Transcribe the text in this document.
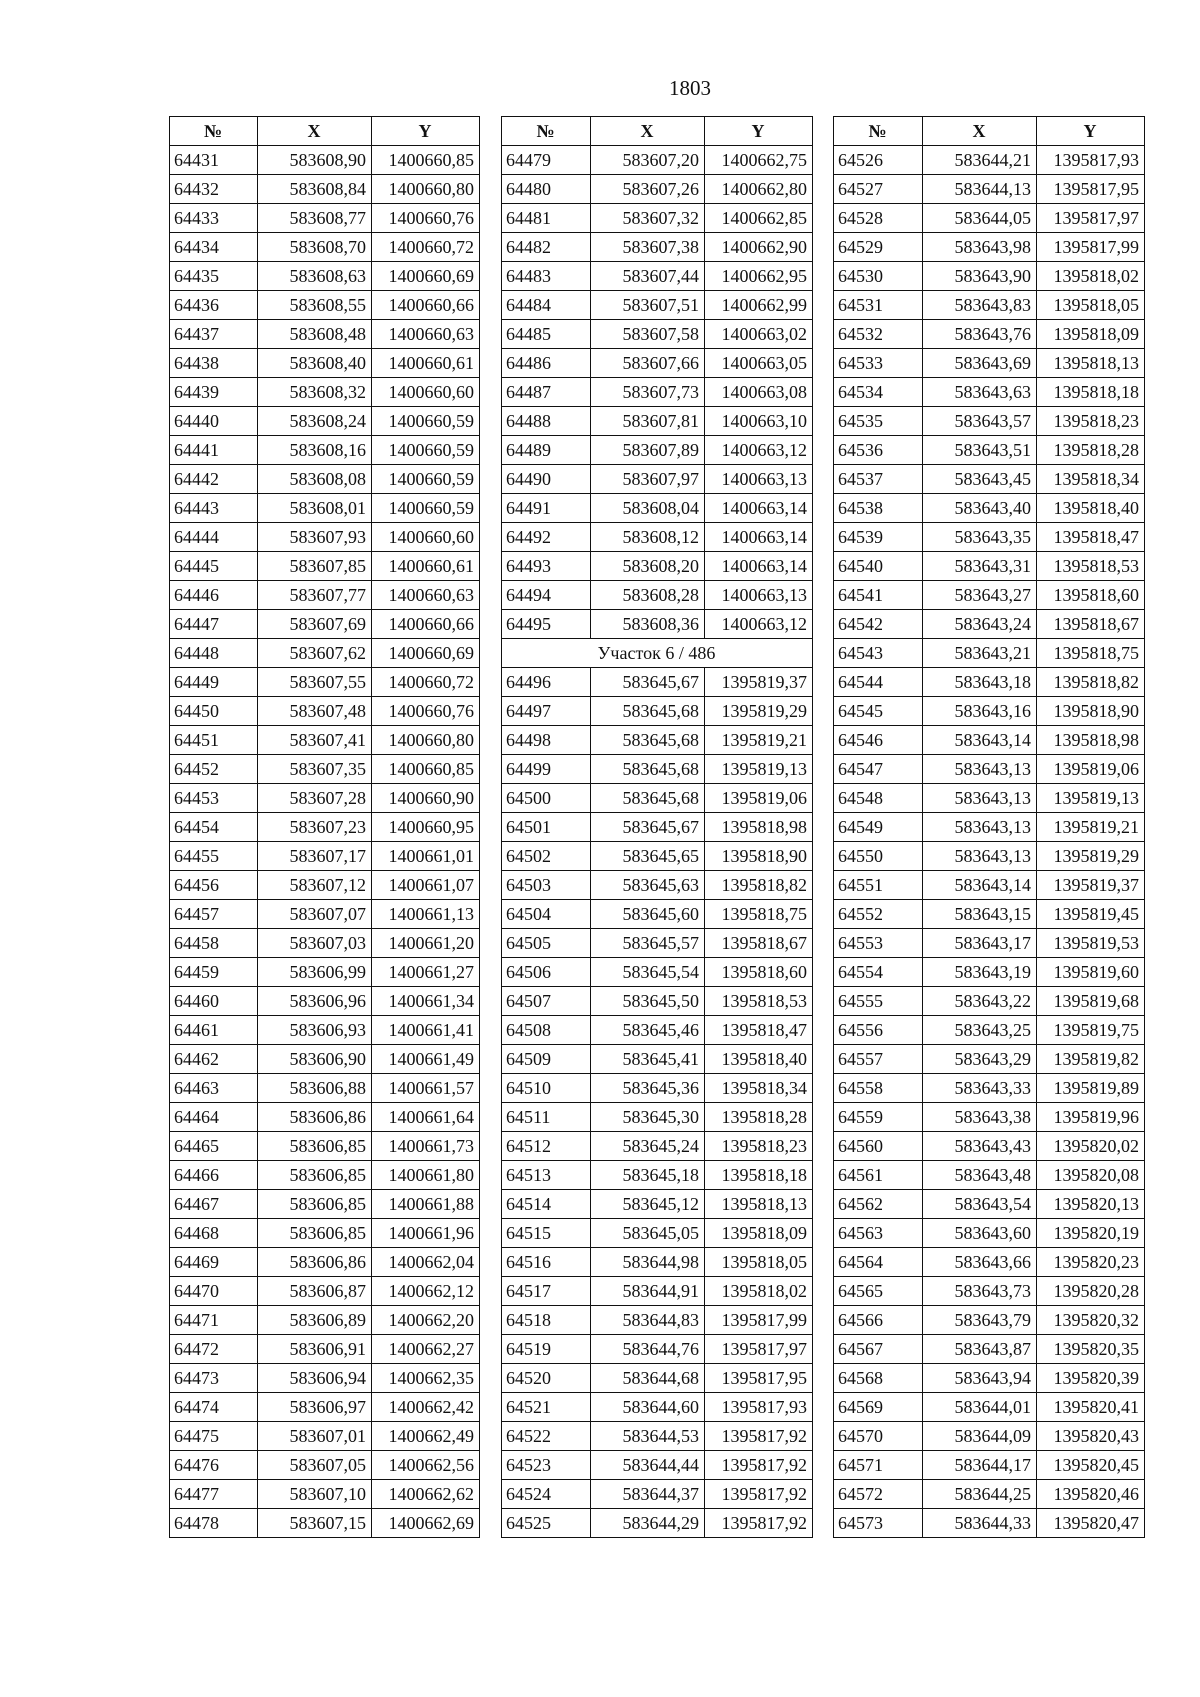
1803
№	X	Y
64431	583608,90	1400660,85
64432	583608,84	1400660,80
64433	583608,77	1400660,76
64434	583608,70	1400660,72
64435	583608,63	1400660,69
64436	583608,55	1400660,66
64437	583608,48	1400660,63
64438	583608,40	1400660,61
64439	583608,32	1400660,60
64440	583608,24	1400660,59
64441	583608,16	1400660,59
64442	583608,08	1400660,59
64443	583608,01	1400660,59
64444	583607,93	1400660,60
64445	583607,85	1400660,61
64446	583607,77	1400660,63
64447	583607,69	1400660,66
64448	583607,62	1400660,69
64449	583607,55	1400660,72
64450	583607,48	1400660,76
64451	583607,41	1400660,80
64452	583607,35	1400660,85
64453	583607,28	1400660,90
64454	583607,23	1400660,95
64455	583607,17	1400661,01
64456	583607,12	1400661,07
64457	583607,07	1400661,13
64458	583607,03	1400661,20
64459	583606,99	1400661,27
64460	583606,96	1400661,34
64461	583606,93	1400661,41
64462	583606,90	1400661,49
64463	583606,88	1400661,57
64464	583606,86	1400661,64
64465	583606,85	1400661,73
64466	583606,85	1400661,80
64467	583606,85	1400661,88
64468	583606,85	1400661,96
64469	583606,86	1400662,04
64470	583606,87	1400662,12
64471	583606,89	1400662,20
64472	583606,91	1400662,27
64473	583606,94	1400662,35
64474	583606,97	1400662,42
64475	583607,01	1400662,49
64476	583607,05	1400662,56
64477	583607,10	1400662,62
64478	583607,15	1400662,69
№	X	Y
64479	583607,20	1400662,75
64480	583607,26	1400662,80
64481	583607,32	1400662,85
64482	583607,38	1400662,90
64483	583607,44	1400662,95
64484	583607,51	1400662,99
64485	583607,58	1400663,02
64486	583607,66	1400663,05
64487	583607,73	1400663,08
64488	583607,81	1400663,10
64489	583607,89	1400663,12
64490	583607,97	1400663,13
64491	583608,04	1400663,14
64492	583608,12	1400663,14
64493	583608,20	1400663,14
64494	583608,28	1400663,13
64495	583608,36	1400663,12
Участок 6 / 486		
64496	583645,67	1395819,37
64497	583645,68	1395819,29
64498	583645,68	1395819,21
64499	583645,68	1395819,13
64500	583645,68	1395819,06
64501	583645,67	1395818,98
64502	583645,65	1395818,90
64503	583645,63	1395818,82
64504	583645,60	1395818,75
64505	583645,57	1395818,67
64506	583645,54	1395818,60
64507	583645,50	1395818,53
64508	583645,46	1395818,47
64509	583645,41	1395818,40
64510	583645,36	1395818,34
64511	583645,30	1395818,28
64512	583645,24	1395818,23
64513	583645,18	1395818,18
64514	583645,12	1395818,13
64515	583645,05	1395818,09
64516	583644,98	1395818,05
64517	583644,91	1395818,02
64518	583644,83	1395817,99
64519	583644,76	1395817,97
64520	583644,68	1395817,95
64521	583644,60	1395817,93
64522	583644,53	1395817,92
64523	583644,44	1395817,92
64524	583644,37	1395817,92
64525	583644,29	1395817,92
№	X	Y
64526	583644,21	1395817,93
64527	583644,13	1395817,95
64528	583644,05	1395817,97
64529	583643,98	1395817,99
64530	583643,90	1395818,02
64531	583643,83	1395818,05
64532	583643,76	1395818,09
64533	583643,69	1395818,13
64534	583643,63	1395818,18
64535	583643,57	1395818,23
64536	583643,51	1395818,28
64537	583643,45	1395818,34
64538	583643,40	1395818,40
64539	583643,35	1395818,47
64540	583643,31	1395818,53
64541	583643,27	1395818,60
64542	583643,24	1395818,67
64543	583643,21	1395818,75
64544	583643,18	1395818,82
64545	583643,16	1395818,90
64546	583643,14	1395818,98
64547	583643,13	1395819,06
64548	583643,13	1395819,13
64549	583643,13	1395819,21
64550	583643,13	1395819,29
64551	583643,14	1395819,37
64552	583643,15	1395819,45
64553	583643,17	1395819,53
64554	583643,19	1395819,60
64555	583643,22	1395819,68
64556	583643,25	1395819,75
64557	583643,29	1395819,82
64558	583643,33	1395819,89
64559	583643,38	1395819,96
64560	583643,43	1395820,02
64561	583643,48	1395820,08
64562	583643,54	1395820,13
64563	583643,60	1395820,19
64564	583643,66	1395820,23
64565	583643,73	1395820,28
64566	583643,79	1395820,32
64567	583643,87	1395820,35
64568	583643,94	1395820,39
64569	583644,01	1395820,41
64570	583644,09	1395820,43
64571	583644,17	1395820,45
64572	583644,25	1395820,46
64573	583644,33	1395820,47
